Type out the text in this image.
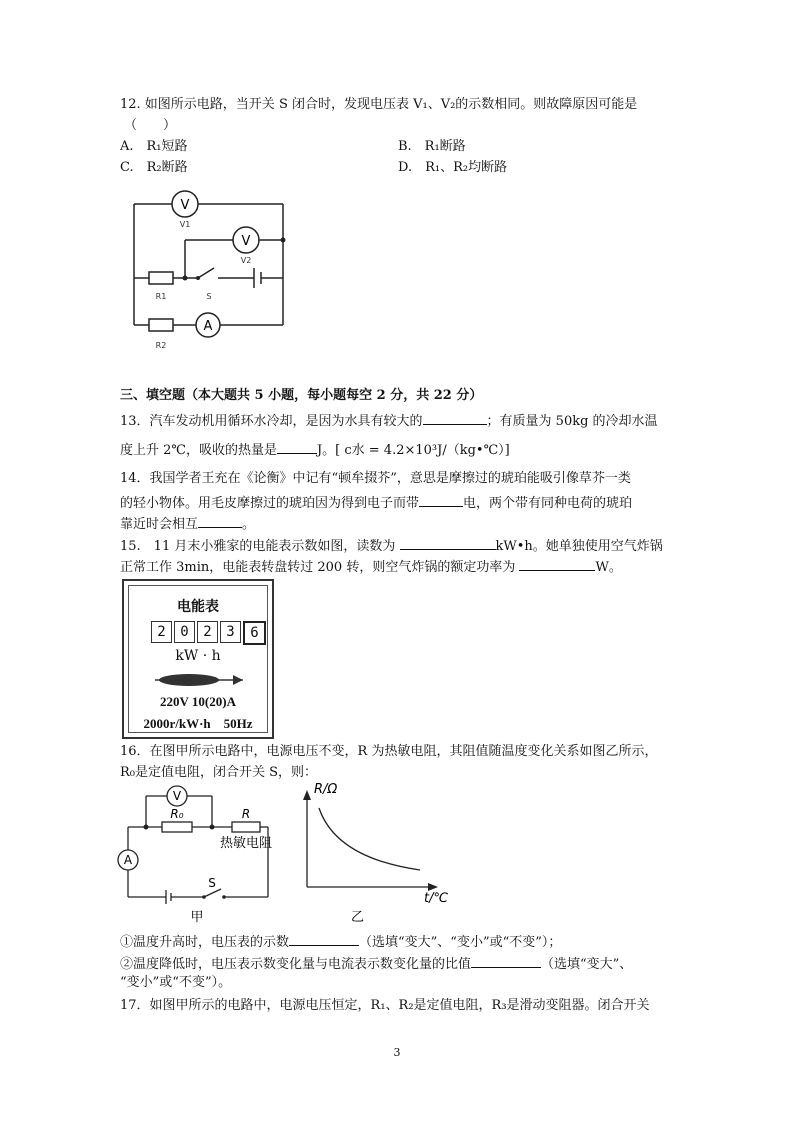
12. 如图所示电路，当开关 S 闭合时，发现电压表 V₁、V₂的示数相同。则故障原因可能是
（　　）
A.　R₁短路	B.　R₁断路
C.　R₂断路	D.　R₁、R₂均断路
V
V
A
V1
V2
R1	S
R2
三、填空题（本大题共 5 小题，每小题每空 2 分，共 22 分）
13．汽车发动机用循环水冷却，是因为水具有较大的	；有质量为 50kg 的冷却水温
度上升 2℃，吸收的热量是	J。[ c水 = 4.2×10³J/（kg•℃）]
14．我国学者王充在《论衡》中记有“顿牟掇芥”，意思是摩擦过的琥珀能吸引像草芥一类
的轻小物体。用毛皮摩擦过的琥珀因为得到电子而带	电，两个带有同种电荷的琥珀
靠近时会相互	。
15.　11 月末小雅家的电能表示数如图，读数为	kW•h。她单独使用空气炸锅
正常工作 3min，电能表转盘转过 200 转，则空气炸锅的额定功率为	W。
电能表
2	0	2	3	6
kW · h
220V 10(20)A
2000r/kW·h　50Hz
16．在图甲所示电路中，电源电压不变，R 为热敏电阻，其阻值随温度变化关系如图乙所示，
R₀是定值电阻，闭合开关 S，则：
V
A
R₀	R
热敏电阻
S
甲
R/Ω
t/℃
乙
①温度升高时，电压表的示数	（选填“变大”、“变小”或“不变”）；
②温度降低时，电压表示数变化量与电流表示数变化量的比值	（选填“变大”、
“变小”或“不变”）。
17．如图甲所示的电路中，电源电压恒定，R₁、R₂是定值电阻，R₃是滑动变阻器。闭合开关
3
